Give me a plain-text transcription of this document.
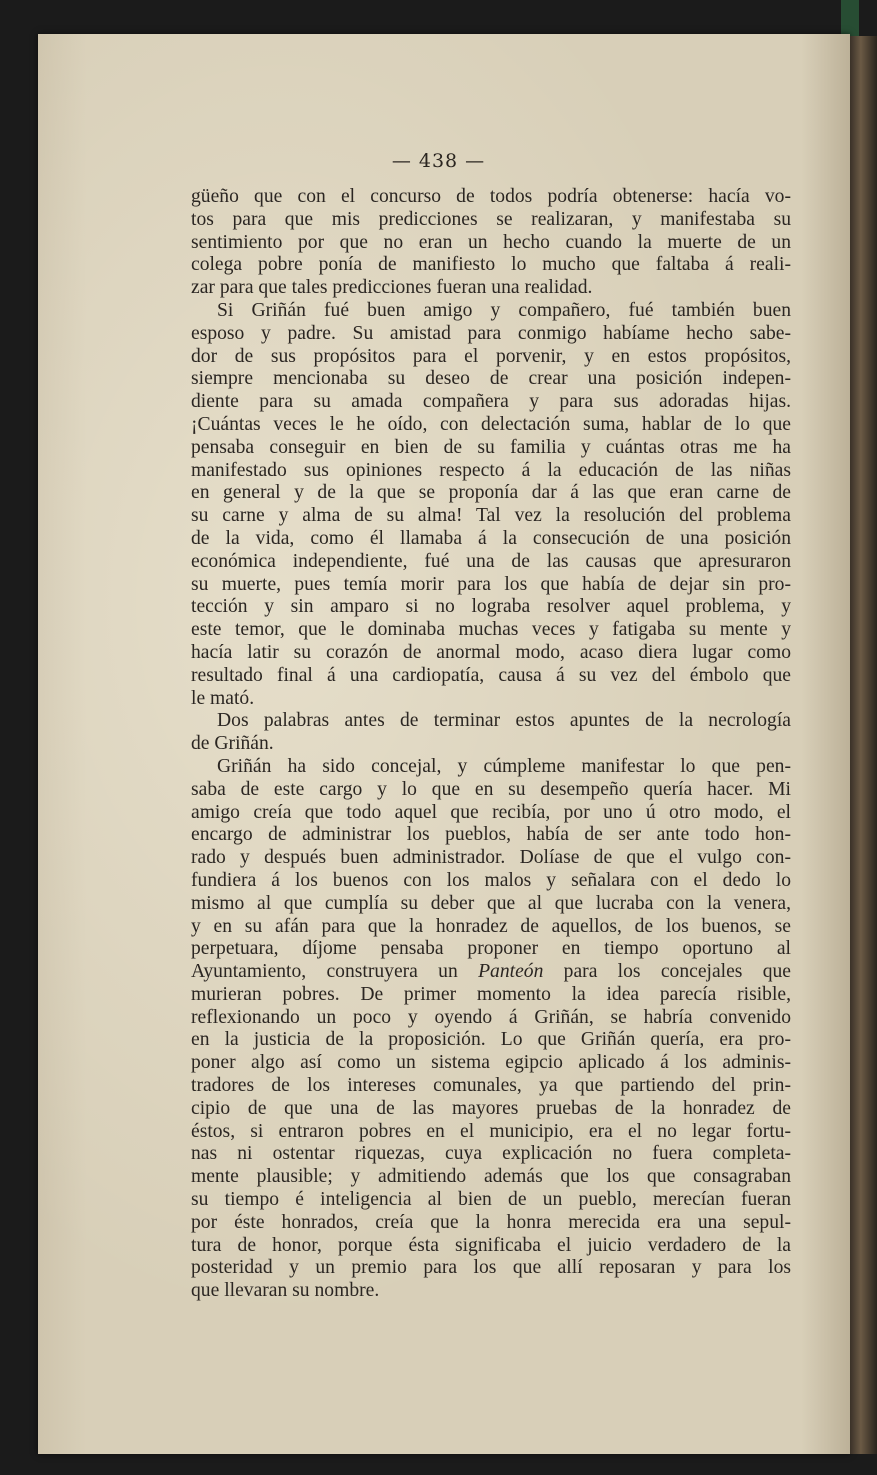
— 438 —
güeño que con el concurso de todos podría obtenerse: hacía vo-
tos para que mis predicciones se realizaran, y manifestaba su
sentimiento por que no eran un hecho cuando la muerte de un
colega pobre ponía de manifiesto lo mucho que faltaba á reali-
zar para que tales predicciones fueran una realidad.
Si Griñán fué buen amigo y compañero, fué también buen
esposo y padre. Su amistad para conmigo habíame hecho sabe-
dor de sus propósitos para el porvenir, y en estos propósitos,
siempre mencionaba su deseo de crear una posición indepen-
diente para su amada compañera y para sus adoradas hijas.
¡Cuántas veces le he oído, con delectación suma, hablar de lo que
pensaba conseguir en bien de su familia y cuántas otras me ha
manifestado sus opiniones respecto á la educación de las niñas
en general y de la que se proponía dar á las que eran carne de
su carne y alma de su alma! Tal vez la resolución del problema
de la vida, como él llamaba á la consecución de una posición
económica independiente, fué una de las causas que apresuraron
su muerte, pues temía morir para los que había de dejar sin pro-
tección y sin amparo si no lograba resolver aquel problema, y
este temor, que le dominaba muchas veces y fatigaba su mente y
hacía latir su corazón de anormal modo, acaso diera lugar como
resultado final á una cardiopatía, causa á su vez del émbolo que
le mató.
Dos palabras antes de terminar estos apuntes de la necrología
de Griñán.
Griñán ha sido concejal, y cúmpleme manifestar lo que pen-
saba de este cargo y lo que en su desempeño quería hacer. Mi
amigo creía que todo aquel que recibía, por uno ú otro modo, el
encargo de administrar los pueblos, había de ser ante todo hon-
rado y después buen administrador. Dolíase de que el vulgo con-
fundiera á los buenos con los malos y señalara con el dedo lo
mismo al que cumplía su deber que al que lucraba con la venera,
y en su afán para que la honradez de aquellos, de los buenos, se
perpetuara, díjome pensaba proponer en tiempo oportuno al
Ayuntamiento, construyera un Panteón para los concejales que
murieran pobres. De primer momento la idea parecía risible,
reflexionando un poco y oyendo á Griñán, se habría convenido
en la justicia de la proposición. Lo que Griñán quería, era pro-
poner algo así como un sistema egipcio aplicado á los adminis-
tradores de los intereses comunales, ya que partiendo del prin-
cipio de que una de las mayores pruebas de la honradez de
éstos, si entraron pobres en el municipio, era el no legar fortu-
nas ni ostentar riquezas, cuya explicación no fuera completa-
mente plausible; y admitiendo además que los que consagraban
su tiempo é inteligencia al bien de un pueblo, merecían fueran
por éste honrados, creía que la honra merecida era una sepul-
tura de honor, porque ésta significaba el juicio verdadero de la
posteridad y un premio para los que allí reposaran y para los
que llevaran su nombre.
